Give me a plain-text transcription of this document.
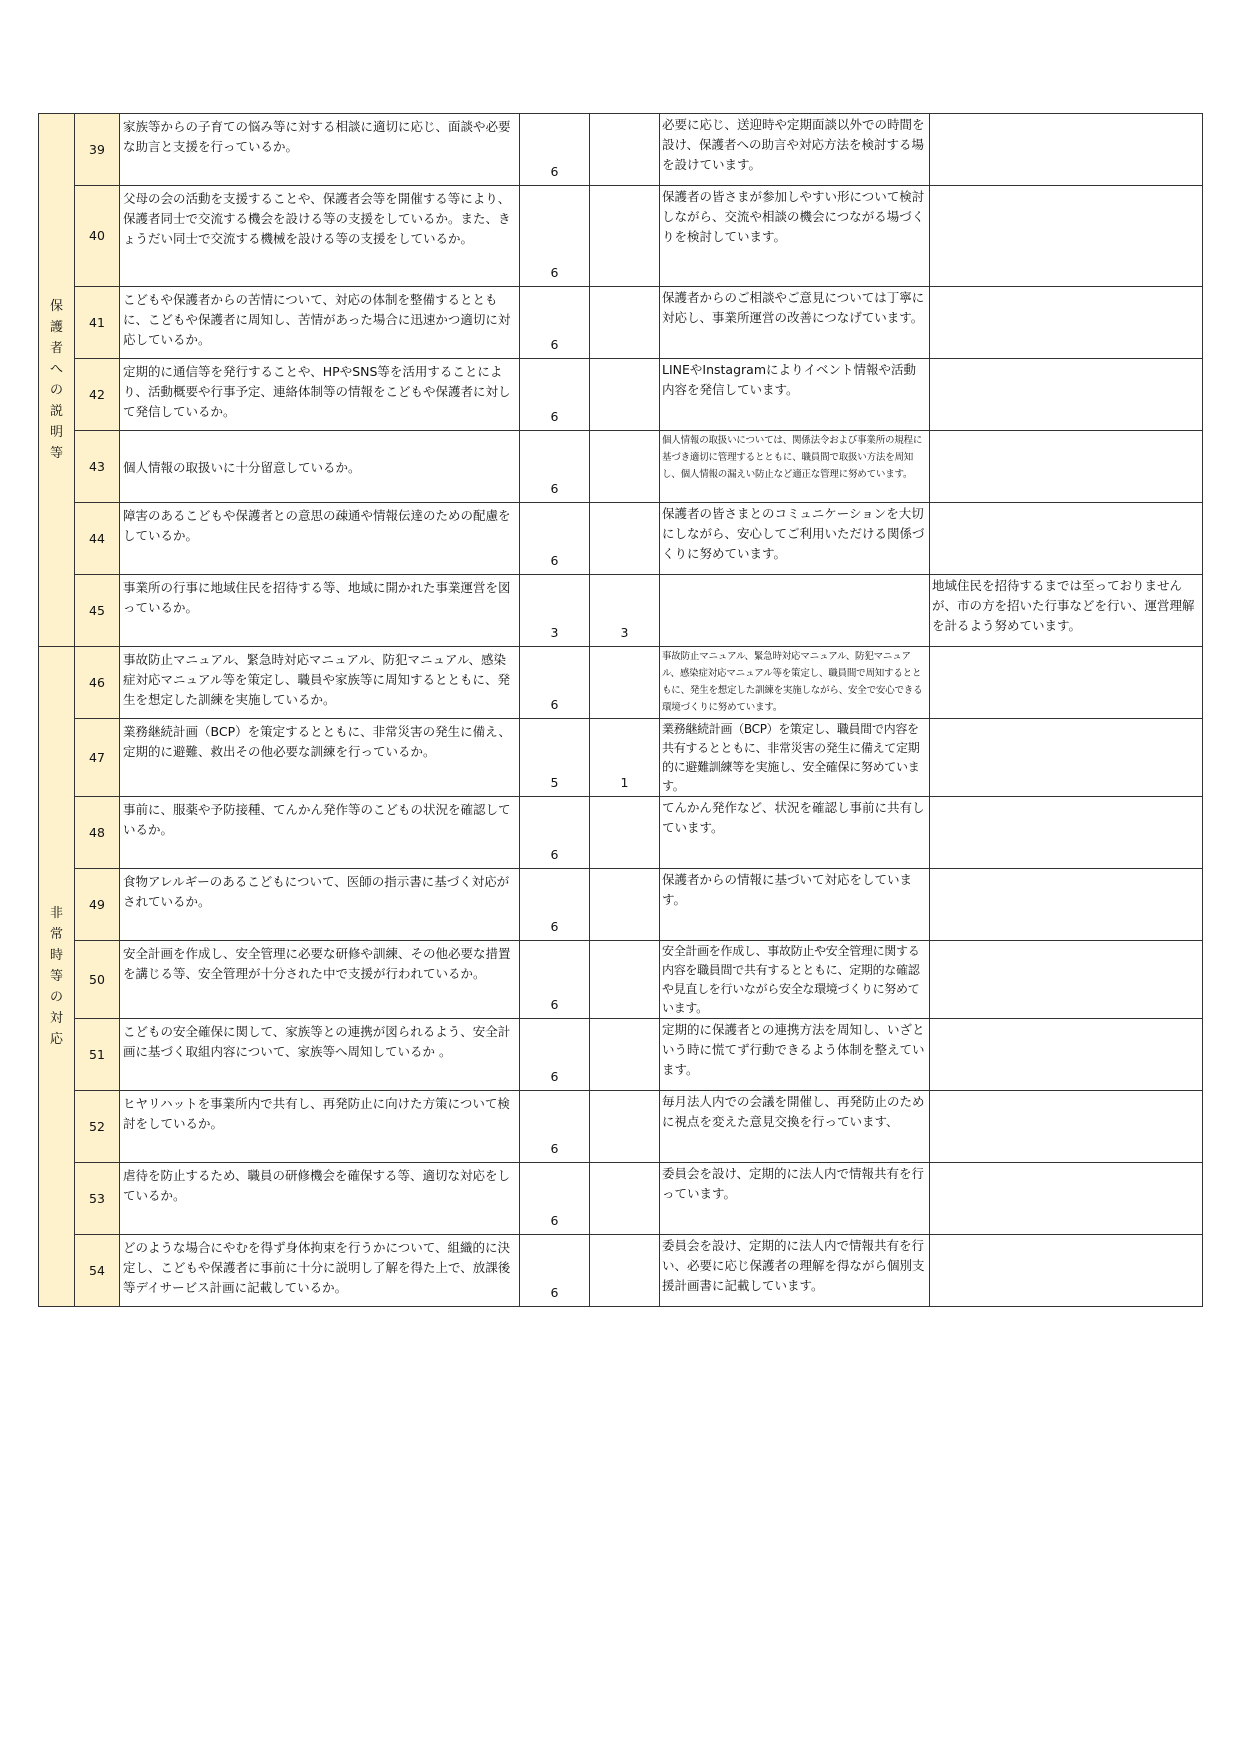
保護者への説明等	39	家族等からの子育ての悩み等に対する相談に適切に応じ、面談や必要な助言と支援を行っているか。	6		必要に応じ、送迎時や定期面談以外での時間を設け、保護者への助言や対応方法を検討する場を設けています。	
	40	父母の会の活動を支援することや、保護者会等を開催する等により、保護者同士で交流する機会を設ける等の支援をしているか。また、きょうだい同士で交流する機械を設ける等の支援をしているか。	6		保護者の皆さまが参加しやすい形について検討しながら、交流や相談の機会につながる場づくりを検討しています。	
	41	こどもや保護者からの苦情について、対応の体制を整備するとともに、こどもや保護者に周知し、苦情があった場合に迅速かつ適切に対応しているか。	6		保護者からのご相談やご意見については丁寧に対応し、事業所運営の改善につなげています。	
	42	定期的に通信等を発行することや、HPやSNS等を活用することにより、活動概要や行事予定、連絡体制等の情報をこどもや保護者に対して発信しているか。	6		LINEやInstagramによりイベント情報や活動内容を発信しています。	
	43	個人情報の取扱いに十分留意しているか。	6		個人情報の取扱いについては、関係法令および事業所の規程に基づき適切に管理するとともに、職員間で取扱い方法を周知し、個人情報の漏えい防止など適正な管理に努めています。	
	44	障害のあるこどもや保護者との意思の疎通や情報伝達のための配慮をしているか。	6		保護者の皆さまとのコミュニケーションを大切にしながら、安心してご利用いただける関係づくりに努めています。	
	45	事業所の行事に地域住民を招待する等、地域に開かれた事業運営を図っているか。	3	3		地域住民を招待するまでは至っておりませんが、市の方を招いた行事などを行い、運営理解を計るよう努めています。
非常時等の対応	46	事故防止マニュアル、緊急時対応マニュアル、防犯マニュアル、感染症対応マニュアル等を策定し、職員や家族等に周知するとともに、発生を想定した訓練を実施しているか。	6		事故防止マニュアル、緊急時対応マニュアル、防犯マニュアル、感染症対応マニュアル等を策定し、職員間で周知するとともに、発生を想定した訓練を実施しながら、安全で安心できる環境づくりに努めています。	
	47	業務継続計画（BCP）を策定するとともに、非常災害の発生に備え、定期的に避難、救出その他必要な訓練を行っているか。	5	1	業務継続計画（BCP）を策定し、職員間で内容を共有するとともに、非常災害の発生に備えて定期的に避難訓練等を実施し、安全確保に努めています。	
	48	事前に、服薬や予防接種、てんかん発作等のこどもの状況を確認しているか。	6		てんかん発作など、状況を確認し事前に共有しています。	
	49	食物アレルギーのあるこどもについて、医師の指示書に基づく対応がされているか。	6		保護者からの情報に基づいて対応をしています。	
	50	安全計画を作成し、安全管理に必要な研修や訓練、その他必要な措置を講じる等、安全管理が十分された中で支援が行われているか。	6		安全計画を作成し、事故防止や安全管理に関する内容を職員間で共有するとともに、定期的な確認や見直しを行いながら安全な環境づくりに努めています。	
	51	こどもの安全確保に関して、家族等との連携が図られるよう、安全計画に基づく取組内容について、家族等へ周知しているか 。	6		定期的に保護者との連携方法を周知し、いざという時に慌てず行動できるよう体制を整えています。	
	52	ヒヤリハットを事業所内で共有し、再発防止に向けた方策について検討をしているか。	6		毎月法人内での会議を開催し、再発防止のために視点を変えた意見交換を行っています、	
	53	虐待を防止するため、職員の研修機会を確保する等、適切な対応をしているか。	6		委員会を設け、定期的に法人内で情報共有を行っています。	
	54	どのような場合にやむを得ず身体拘束を行うかについて、組織的に決定し、こどもや保護者に事前に十分に説明し了解を得た上で、放課後等デイサービス計画に記載しているか。	6		委員会を設け、定期的に法人内で情報共有を行い、必要に応じ保護者の理解を得ながら個別支援計画書に記載しています。	
